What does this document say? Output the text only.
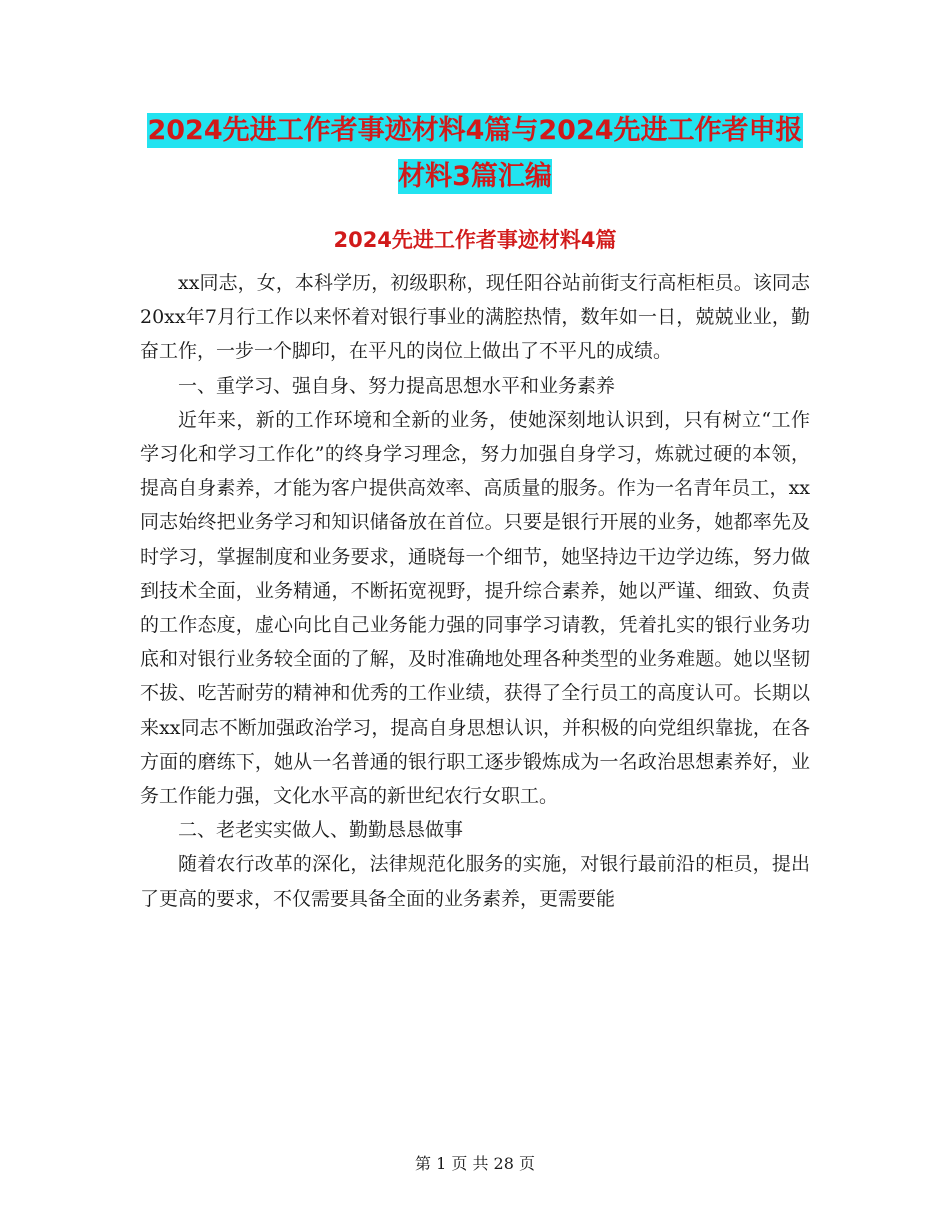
2024先进工作者事迹材料4篇与2024先进工作者申报
材料3篇汇编
2024先进工作者事迹材料4篇

xx同志，女，本科学历，初级职称，现任阳谷站前街支行高柜柜员。该同志20xx年7月行工作以来怀着对银行事业的满腔热情，数年如一日，兢兢业业，勤奋工作，一步一个脚印，在平凡的岗位上做出了不平凡的成绩。

一、重学习、强自身、努力提高思想水平和业务素养

近年来，新的工作环境和全新的业务，使她深刻地认识到，只有树立“工作学习化和学习工作化”的终身学习理念，努力加强自身学习，炼就过硬的本领，提高自身素养，才能为客户提供高效率、高质量的服务。作为一名青年员工，xx同志始终把业务学习和知识储备放在首位。只要是银行开展的业务，她都率先及时学习，掌握制度和业务要求，通晓每一个细节，她坚持边干边学边练，努力做到技术全面，业务精通，不断拓宽视野，提升综合素养，她以严谨、细致、负责的工作态度，虚心向比自己业务能力强的同事学习请教，凭着扎实的银行业务功底和对银行业务较全面的了解，及时准确地处理各种类型的业务难题。她以坚韧不拔、吃苦耐劳的精神和优秀的工作业绩，获得了全行员工的高度认可。长期以来xx同志不断加强政治学习，提高自身思想认识，并积极的向党组织靠拢，在各方面的磨练下，她从一名普通的银行职工逐步锻炼成为一名政治思想素养好，业务工作能力强，文化水平高的新世纪农行女职工。

二、老老实实做人、勤勤恳恳做事

随着农行改革的深化，法律规范化服务的实施，对银行最前沿的柜员，提出了更高的要求，不仅需要具备全面的业务素养，更需要能

第 1 页 共 28 页
